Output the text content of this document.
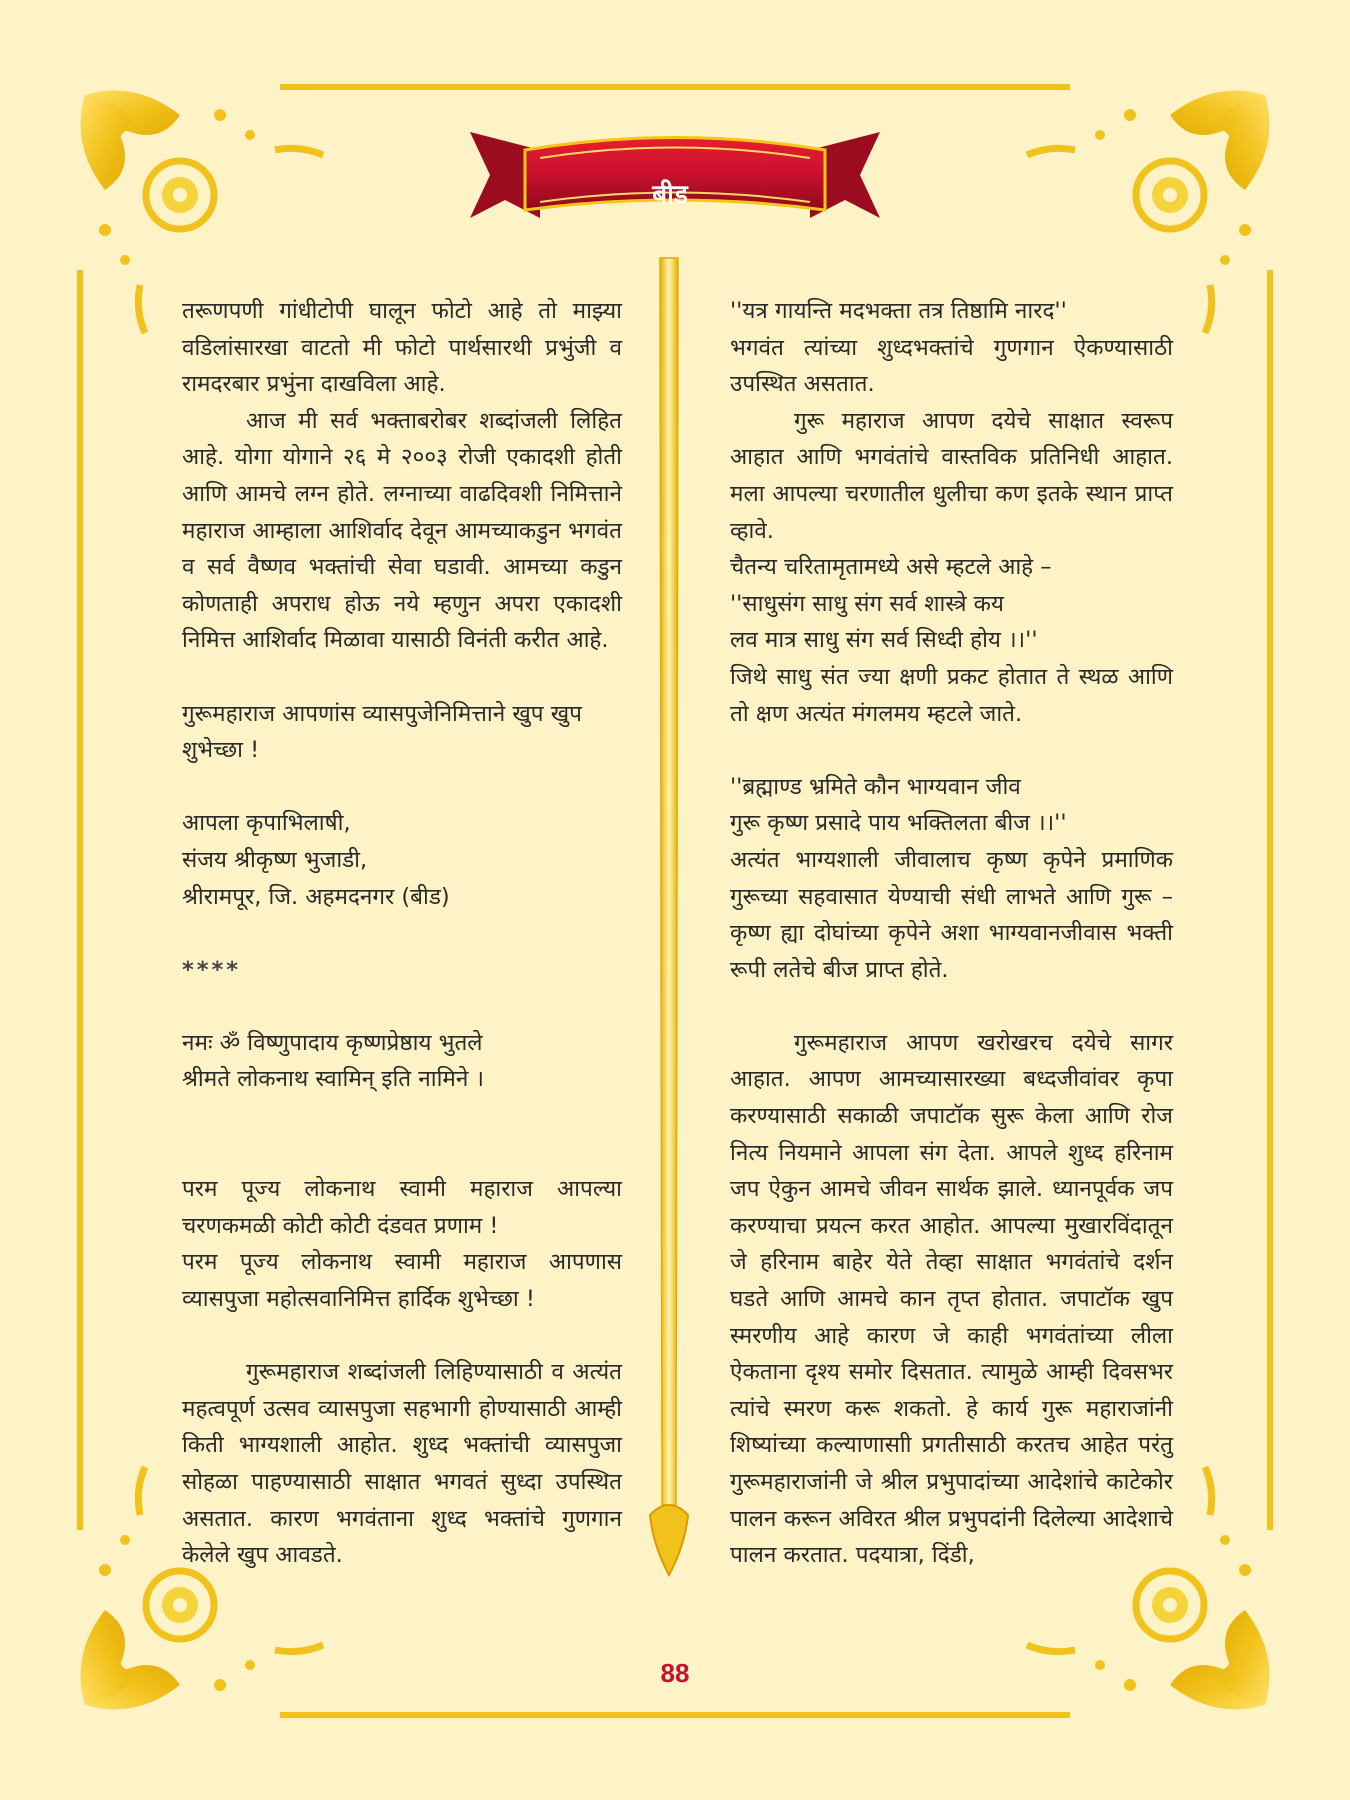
बीड

तरूणपणी गांधीटोपी घालून फोटो आहे तो माझ्या वडिलांसारखा वाटतो मी फोटो पार्थसारथी प्रभुंजी व रामदरबार प्रभुंना दाखविला आहे.

आज मी सर्व भक्ताबरोबर शब्दांजली लिहित आहे. योगा योगाने २६ मे २००३ रोजी एकादशी होती आणि आमचे लग्न होते. लग्नाच्या वाढदिवशी निमित्ताने महाराज आम्हाला आशिर्वाद देवून आमच्याकडुन भगवंत व सर्व वैष्णव भक्तांची सेवा घडावी. आमच्या कडुन कोणताही अपराध होऊ नये म्हणुन अपरा एकादशी निमित्त आशिर्वाद मिळावा यासाठी विनंती करीत आहे.

गुरूमहाराज आपणांस व्यासपुजेनिमित्ताने खुप खुप शुभेच्छा !

आपला कृपाभिलाषी,

संजय श्रीकृष्ण भुजाडी,

श्रीरामपूर, जि. अहमदनगर (बीड)

****

नमः ॐ विष्णुपादाय कृष्णप्रेष्ठाय भुतले

श्रीमते लोकनाथ स्वामिन् इति नामिने ।

परम पूज्य लोकनाथ स्वामी महाराज आपल्या चरणकमळी कोटी कोटी दंडवत प्रणाम !

परम पूज्य लोकनाथ स्वामी महाराज आपणास व्यासपुजा महोत्सवानिमित्त हार्दिक शुभेच्छा !

गुरूमहाराज शब्दांजली लिहिण्यासाठी व अत्यंत महत्वपूर्ण उत्सव व्यासपुजा सहभागी होण्यासाठी आम्ही किती भाग्यशाली आहोत. शुध्द भक्तांची व्यासपुजा सोहळा पाहण्यासाठी साक्षात भगवतं सुध्दा उपस्थित असतात. कारण भगवंताना शुध्द भक्तांचे गुणगान केलेले खुप आवडते.

''यत्र गायन्ति मदभक्ता तत्र तिष्ठामि नारद''

भगवंत त्यांच्या शुध्दभक्तांचे गुणगान ऐकण्यासाठी उपस्थित असतात.

गुरू महाराज आपण दयेचे साक्षात स्वरूप आहात आणि भगवंतांचे वास्तविक प्रतिनिधी आहात. मला आपल्या चरणातील धुलीचा कण इतके स्थान प्राप्त व्हावे.

चैतन्य चरितामृतामध्ये असे म्हटले आहे –

''साधुसंग साधु संग सर्व शास्त्रे कय

लव मात्र साधु संग सर्व सिध्दी होय ।।''

जिथे साधु संत ज्या क्षणी प्रकट होतात ते स्थळ आणि तो क्षण अत्यंत मंगलमय म्हटले जाते.

''ब्रह्माण्ड भ्रमिते कौन भाग्यवान जीव

गुरू कृष्ण प्रसादे पाय भक्तिलता बीज ।।''

अत्यंत भाग्यशाली जीवालाच कृष्ण कृपेने प्रमाणिक गुरूच्या सहवासात येण्याची संधी लाभते आणि गुरू –कृष्ण ह्या दोघांच्या कृपेने अशा भाग्यवानजीवास भक्ती रूपी लतेचे बीज प्राप्त होते.

गुरूमहाराज आपण खरोखरच दयेचे सागर आहात. आपण आमच्यासारख्या बध्दजीवांवर कृपा करण्यासाठी सकाळी जपाटॉक सुरू केला आणि रोज नित्य नियमाने आपला संग देता. आपले शुध्द हरिनाम जप ऐकुन आमचे जीवन सार्थक झाले. ध्यानपूर्वक जप करण्याचा प्रयत्न करत आहोत. आपल्या मुखारविंदातून जे हरिनाम बाहेर येते तेव्हा साक्षात भगवंतांचे दर्शन घडते आणि आमचे कान तृप्त होतात. जपाटॉक खुप स्मरणीय आहे कारण जे काही भगवंतांच्या लीला ऐकताना दृश्य समोर दिसतात. त्यामुळे आम्ही दिवसभर त्यांचे स्मरण करू शकतो. हे कार्य गुरू महाराजांनी शिष्यांच्या कल्याणासाी प्रगतीसाठी करतच आहेत परंतु गुरूमहाराजांनी जे श्रील प्रभुपादांच्या आदेशांचे काटेकोर पालन करून अविरत श्रील प्रभुपदांनी दिलेल्या आदेशाचे पालन करतात. पदयात्रा, दिंडी,

88
